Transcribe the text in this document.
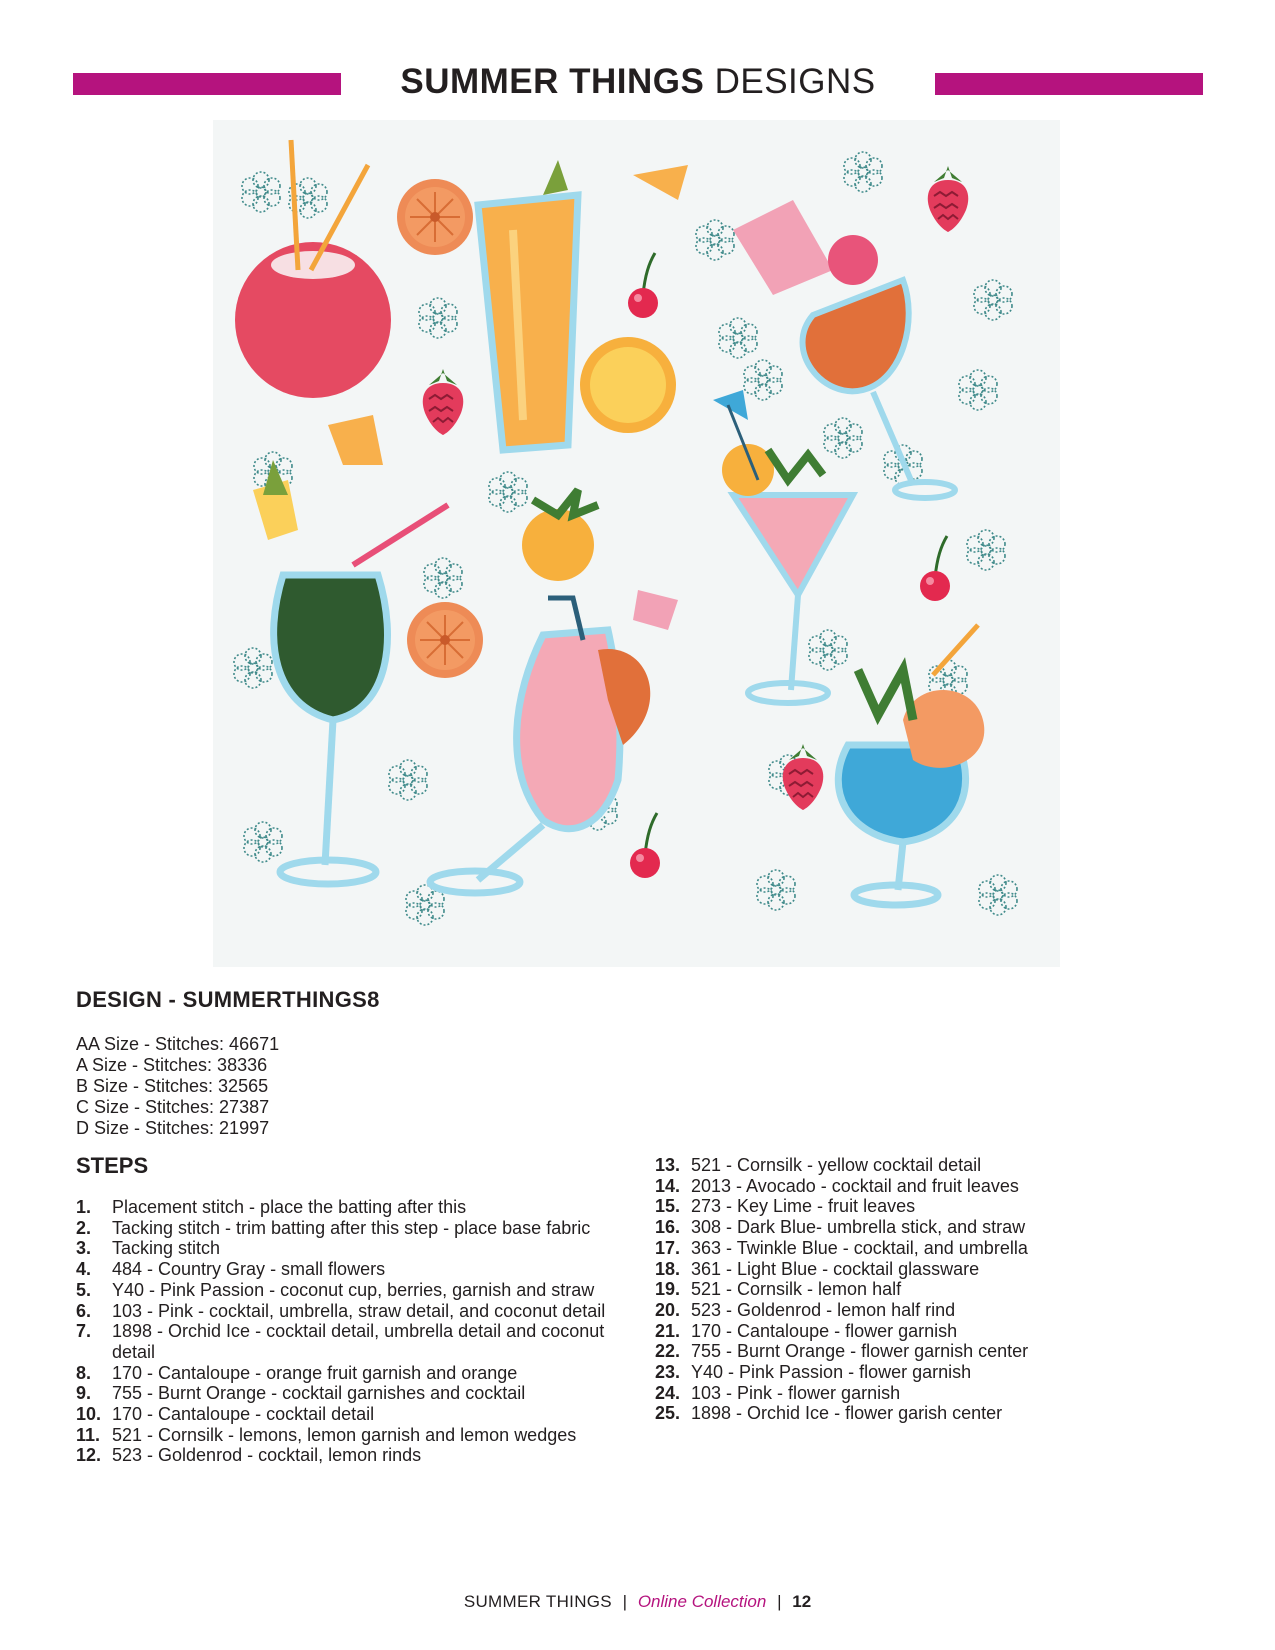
SUMMER THINGS DESIGNS
DESIGN - SUMMERTHINGS8
AA Size - Stitches: 46671
A Size - Stitches: 38336
B Size - Stitches: 32565
C Size - Stitches: 27387
D Size - Stitches: 21997
STEPS
1. Placement stitch - place the batting after this
2. Tacking stitch - trim batting after this step - place base fabric
3. Tacking stitch
4. 484 - Country Gray - small flowers
5. Y40 - Pink Passion - coconut cup, berries, garnish and straw
6. 103 - Pink - cocktail, umbrella, straw detail, and coconut detail
7. 1898 - Orchid Ice - cocktail detail, umbrella detail and coconut detail
8. 170 - Cantaloupe - orange fruit garnish and orange
9. 755 - Burnt Orange - cocktail garnishes and cocktail
10. 170 - Cantaloupe - cocktail detail
11. 521 - Cornsilk - lemons, lemon garnish and lemon wedges
12. 523 - Goldenrod - cocktail, lemon rinds
13. 521 - Cornsilk - yellow cocktail detail
14. 2013 - Avocado - cocktail and fruit leaves
15. 273 - Key Lime - fruit leaves
16. 308 - Dark Blue- umbrella stick, and straw
17. 363 - Twinkle Blue - cocktail, and umbrella
18. 361 - Light Blue - cocktail glassware
19. 521 - Cornsilk - lemon half
20. 523 - Goldenrod - lemon half rind
21. 170 - Cantaloupe - flower garnish
22. 755 - Burnt Orange - flower garnish center
23. Y40 - Pink Passion - flower garnish
24. 103 - Pink - flower garnish
25. 1898 - Orchid Ice - flower garish center
SUMMER THINGS | Online Collection | 12
